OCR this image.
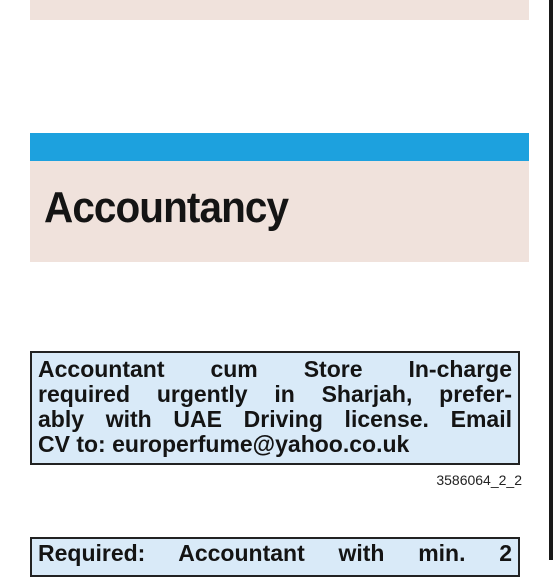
Accountancy
Accountant cum Store In-charge
required urgently in Sharjah, prefer-
ably with UAE Driving license. Email
CV to: europerfume@yahoo.co.uk
3586064_2_2
Required: Accountant with min. 2
